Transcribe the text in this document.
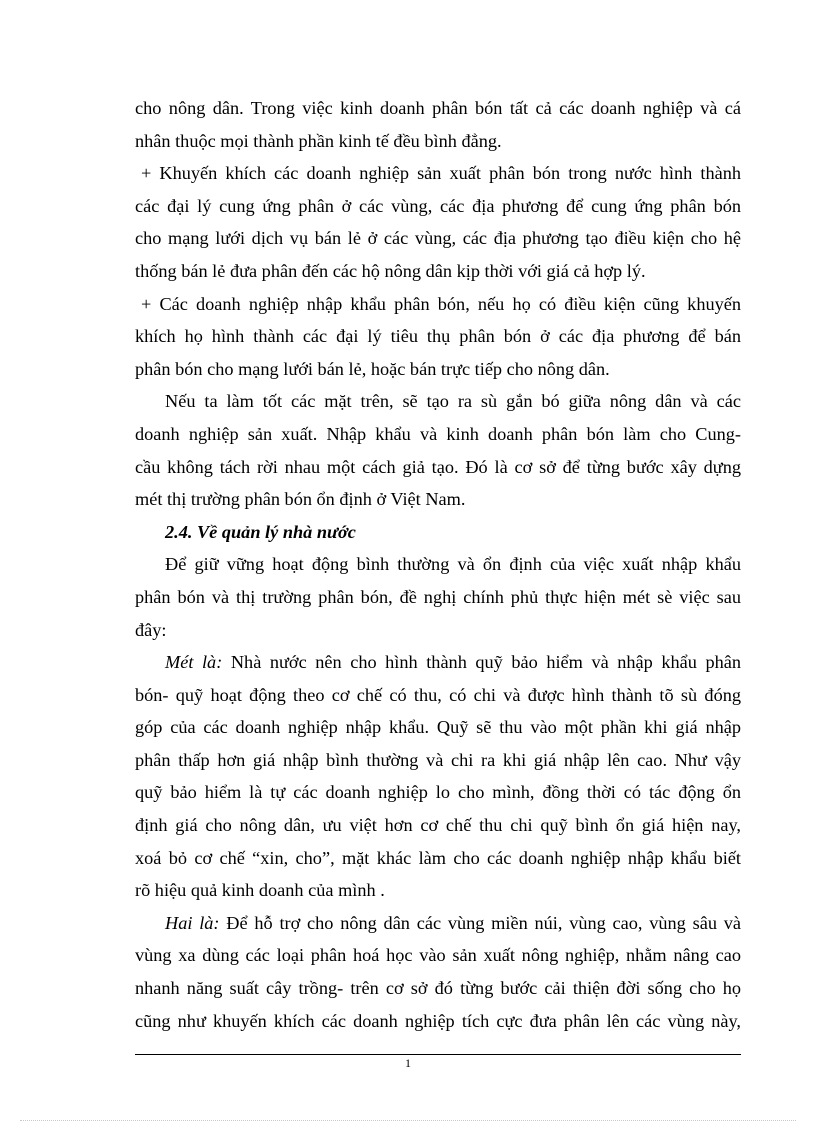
cho nông dân. Trong việc kinh doanh phân bón tất cả các doanh nghiệp và cá
nhân thuộc mọi thành phần kinh tế đều bình đẳng.
+ Khuyến khích các doanh nghiệp sản xuất phân bón trong nước hình thành
các đại lý cung ứng phân ở các vùng, các địa phương để cung ứng phân bón
cho mạng lưới dịch vụ bán lẻ ở các vùng, các địa phương tạo điều kiện cho hệ
thống bán lẻ đưa phân đến các hộ nông dân kịp thời với giá cả hợp lý.
+ Các doanh nghiệp nhập khẩu phân bón, nếu họ có điều kiện cũng khuyến
khích họ hình thành các đại lý tiêu thụ phân bón ở các địa phương để bán
phân bón cho mạng lưới bán lẻ, hoặc bán trực tiếp cho nông dân.
Nếu ta làm tốt các mặt trên, sẽ tạo ra sù gắn bó giữa nông dân và các
doanh nghiệp sản xuất. Nhập khẩu và kinh doanh phân bón làm cho Cung-
cầu không tách rời nhau một cách giả tạo. Đó là cơ sở để từng bước xây dựng
mét thị trường phân bón ổn định ở Việt Nam.
2.4. Về quản lý nhà nước
Để giữ vững hoạt động bình thường và ổn định của việc xuất nhập khẩu
phân bón và thị trường phân bón, đề nghị chính phủ thực hiện mét sè việc sau
đây:
Mét là: Nhà nước nên cho hình thành quỹ bảo hiểm và nhập khẩu phân
bón- quỹ hoạt động theo cơ chế có thu, có chi và được hình thành tõ sù đóng
góp của các doanh nghiệp nhập khẩu. Quỹ sẽ thu vào một phần khi giá nhập
phân thấp hơn giá nhập bình thường và chi ra khi giá nhập lên cao. Như vậy
quỹ bảo hiểm là tự các doanh nghiệp lo cho mình, đồng thời có tác động ổn
định giá cho nông dân, ưu việt hơn cơ chế thu chi quỹ bình ổn giá hiện nay,
xoá bỏ cơ chế “xin, cho”, mặt khác làm cho các doanh nghiệp nhập khẩu biết
rõ hiệu quả kinh doanh của mình .
Hai là: Để hỗ trợ cho nông dân các vùng miền núi, vùng cao, vùng sâu và
vùng xa dùng các loại phân hoá học vào sản xuất nông nghiệp, nhằm nâng cao
nhanh năng suất cây trồng- trên cơ sở đó từng bước cải thiện đời sống cho họ
cũng như khuyến khích các doanh nghiệp tích cực đưa phân lên các vùng này,
1
